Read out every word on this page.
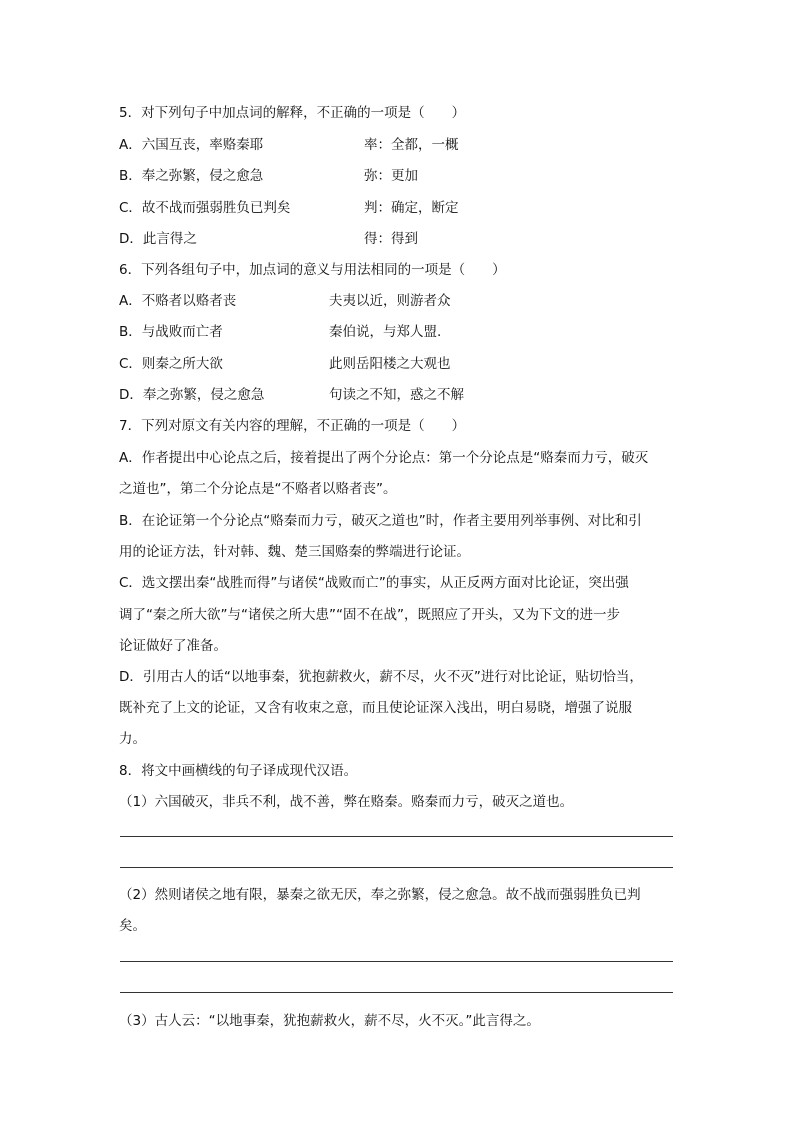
5．对下列句子中加点词的解释，不正确的一项是（　　）
A．六国互丧，率赂秦耶	率：全都，一概
B．奉之弥繁，侵之愈急	弥：更加
C．故不战而强弱胜负已判矣	判：确定，断定
D．此言得之	得：得到
6．下列各组句子中，加点词的意义与用法相同的一项是（　　）
A．不赂者以赂者丧	夫夷以近，则游者众
B．与战败而亡者	秦伯说，与郑人盟.
C．则秦之所大欲	此则岳阳楼之大观也
D．奉之弥繁，侵之愈急	句读之不知，惑之不解
7．下列对原文有关内容的理解，不正确的一项是（　　）
A．作者提出中心论点之后，接着提出了两个分论点：第一个分论点是“赂秦而力亏，破灭
之道也”，第二个分论点是“不赂者以赂者丧”。
B．在论证第一个分论点“赂秦而力亏，破灭之道也”时，作者主要用列举事例、对比和引
用的论证方法，针对韩、魏、楚三国赂秦的弊端进行论证。
C．选文摆出秦“战胜而得”与诸侯“战败而亡”的事实，从正反两方面对比论证，突出强
调了“秦之所大欲”与“诸侯之所大患”“固不在战”，既照应了开头，又为下文的进一步
论证做好了准备。
D．引用古人的话“以地事秦，犹抱薪救火，薪不尽，火不灭”进行对比论证，贴切恰当，
既补充了上文的论证，又含有收束之意，而且使论证深入浅出，明白易晓，增强了说服
力。
8．将文中画横线的句子译成现代汉语。
（1）六国破灭，非兵不利，战不善，弊在赂秦。赂秦而力亏，破灭之道也。
（2）然则诸侯之地有限，暴秦之欲无厌，奉之弥繁，侵之愈急。故不战而强弱胜负已判
矣。
（3）古人云：“以地事秦，犹抱薪救火，薪不尽，火不灭。”此言得之。
